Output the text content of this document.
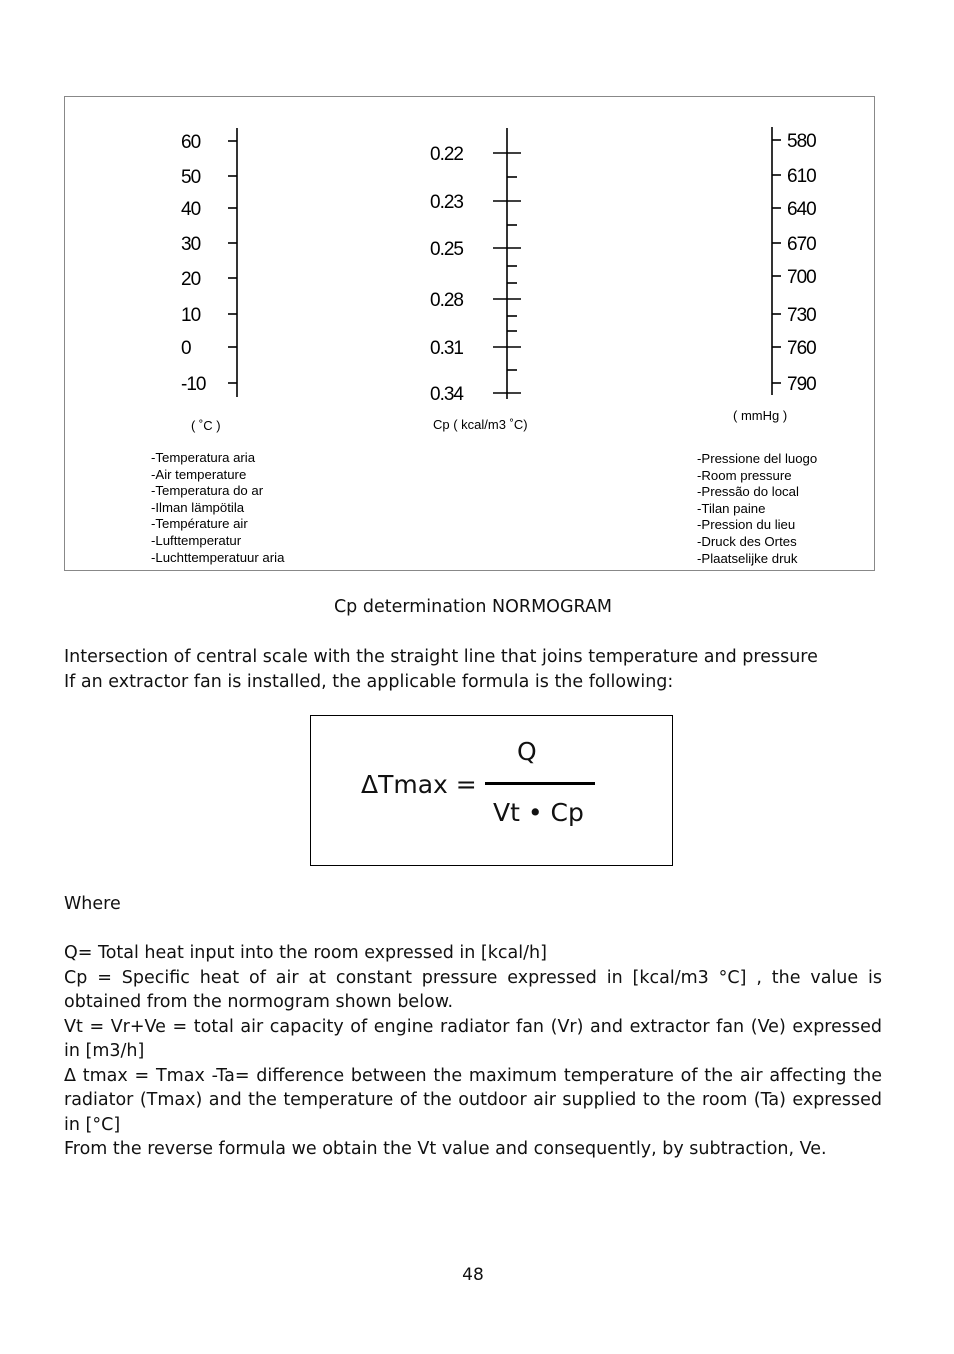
60
50
40
30
20
10
0
-10
0.22
0.23
0.25
0.28
0.31
0.34
580
610
640
670
700
730
760
790
( ˚C )	Cp ( kcal/m3 ˚C)
( mmHg )
-Temperatura aria
-Air temperature
-Temperatura do ar
-Ilman lämpötila
-Température air
-Lufttemperatur
-Luchttemperatuur aria
-Pressione del luogo
-Room pressure
-Pressão do local
-Tilan paine
-Pression du lieu
-Druck des Ortes
-Plaatselijke druk
Cp determination NORMOGRAM

Intersection of central scale with the straight line that joins temperature and pressure

If an extractor fan is installed, the applicable formula is the following:

ΔTmax =
Q
Vt • Cp
Where

Q= Total heat input into the room expressed in [kcal/h]

Cp = Specific heat of air at constant pressure expressed in [kcal/m3 °C] , the value is obtained from the normogram shown below.

Vt = Vr+Ve = total air capacity of engine radiator fan (Vr) and extractor fan (Ve) expressed in [m3/h]

Δ tmax = Tmax -Ta= difference between the maximum temperature of the air affecting the radiator (Tmax) and the temperature of the outdoor air supplied to the room (Ta) expressed in [°C]

From the reverse formula we obtain the Vt value and consequently, by subtraction, Ve.

48
